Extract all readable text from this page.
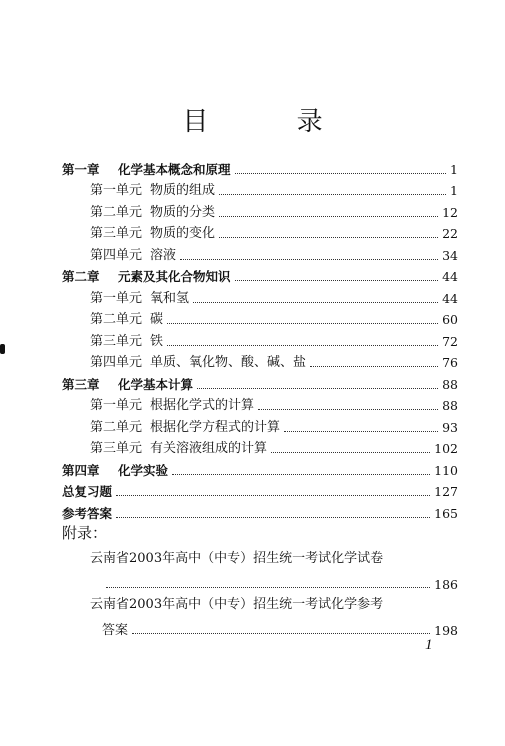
目 录
第一章	化学基本概念和原理	1
第一单元 物质的组成	1
第二单元 物质的分类	12
第三单元 物质的变化	22
第四单元 溶液	34
第二章	元素及其化合物知识	44
第一单元 氧和氢	44
第二单元 碳	60
第三单元 铁	72
第四单元 单质、氧化物、酸、碱、盐	76
第三章	化学基本计算	88
第一单元 根据化学式的计算	88
第二单元 根据化学方程式的计算	93
第三单元 有关溶液组成的计算	102
第四章	化学实验	110
总复习题	127
参考答案	165
附录：
云南省2003年高中（中专）招生统一考试化学试卷
186
云南省2003年高中（中专）招生统一考试化学参考
答案	198
1
